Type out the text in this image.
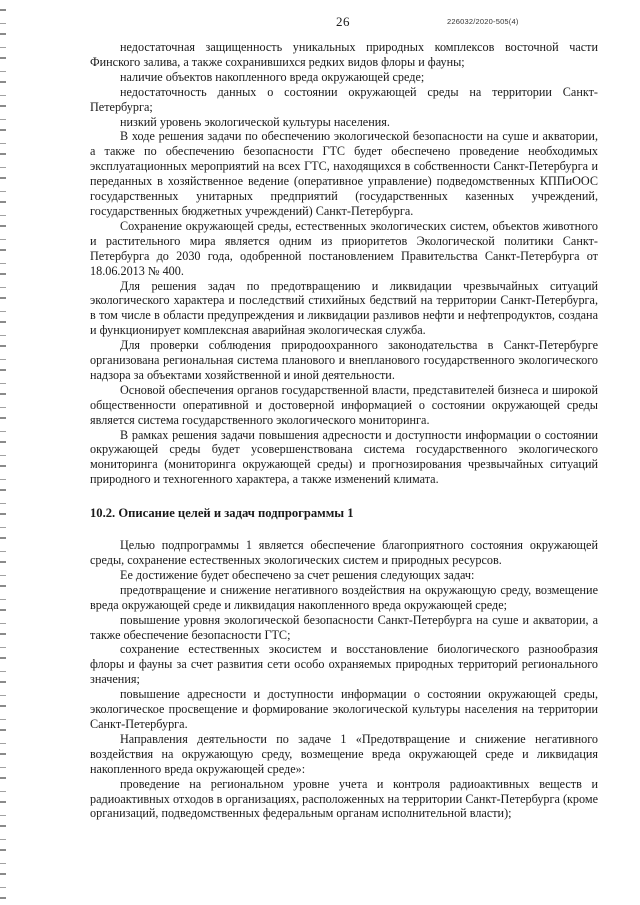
26	226032/2020-505(4)

недостаточная защищенность уникальных природных комплексов восточной части Финского залива, а также сохранившихся редких видов флоры и фауны;

наличие объектов накопленного вреда окружающей среде;

недостаточность данных о состоянии окружающей среды на территории Санкт-Петербурга;

низкий уровень экологической культуры населения.

В ходе решения задачи по обеспечению экологической безопасности на суше и акватории, а также по обеспечению безопасности ГТС будет обеспечено проведение необходимых эксплуатационных мероприятий на всех ГТС, находящихся в собственности Санкт-Петербурга и переданных в хозяйственное ведение (оперативное управление) подведомственных КППиООС государственных унитарных предприятий (государственных казенных учреждений, государственных бюджетных учреждений) Санкт-Петербурга.

Сохранение окружающей среды, естественных экологических систем, объектов животного и растительного мира является одним из приоритетов Экологической политики Санкт-Петербурга до 2030 года, одобренной постановлением Правительства Санкт-Петербурга от 18.06.2013 № 400.

Для решения задач по предотвращению и ликвидации чрезвычайных ситуаций экологического характера и последствий стихийных бедствий на территории Санкт-Петербурга, в том числе в области предупреждения и ликвидации разливов нефти и нефтепродуктов, создана и функционирует комплексная аварийная экологическая служба.

Для проверки соблюдения природоохранного законодательства в Санкт-Петербурге организована региональная система планового и внепланового государственного экологического надзора за объектами хозяйственной и иной деятельности.

Основой обеспечения органов государственной власти, представителей бизнеса и широкой общественности оперативной и достоверной информацией о состоянии окружающей среды является система государственного экологического мониторинга.

В рамках решения задачи повышения адресности и доступности информации о состоянии окружающей среды будет усовершенствована система государственного экологического мониторинга (мониторинга окружающей среды) и прогнозирования чрезвычайных ситуаций природного и техногенного характера, а также изменений климата.

10.2. Описание целей и задач подпрограммы 1

Целью подпрограммы 1 является обеспечение благоприятного состояния окружающей среды, сохранение естественных экологических систем и природных ресурсов.

Ее достижение будет обеспечено за счет решения следующих задач:

предотвращение и снижение негативного воздействия на окружающую среду, возмещение вреда окружающей среде и ликвидация накопленного вреда окружающей среде;

повышение уровня экологической безопасности Санкт-Петербурга на суше и акватории, а также обеспечение безопасности ГТС;

сохранение естественных экосистем и восстановление биологического разнообразия флоры и фауны за счет развития сети особо охраняемых природных территорий регионального значения;

повышение адресности и доступности информации о состоянии окружающей среды, экологическое просвещение и формирование экологической культуры населения на территории Санкт-Петербурга.

Направления деятельности по задаче 1 «Предотвращение и снижение негативного воздействия на окружающую среду, возмещение вреда окружающей среде и ликвидация накопленного вреда окружающей среде»:

проведение на региональном уровне учета и контроля радиоактивных веществ и радиоактивных отходов в организациях, расположенных на территории Санкт-Петербурга (кроме организаций, подведомственных федеральным органам исполнительной власти);
